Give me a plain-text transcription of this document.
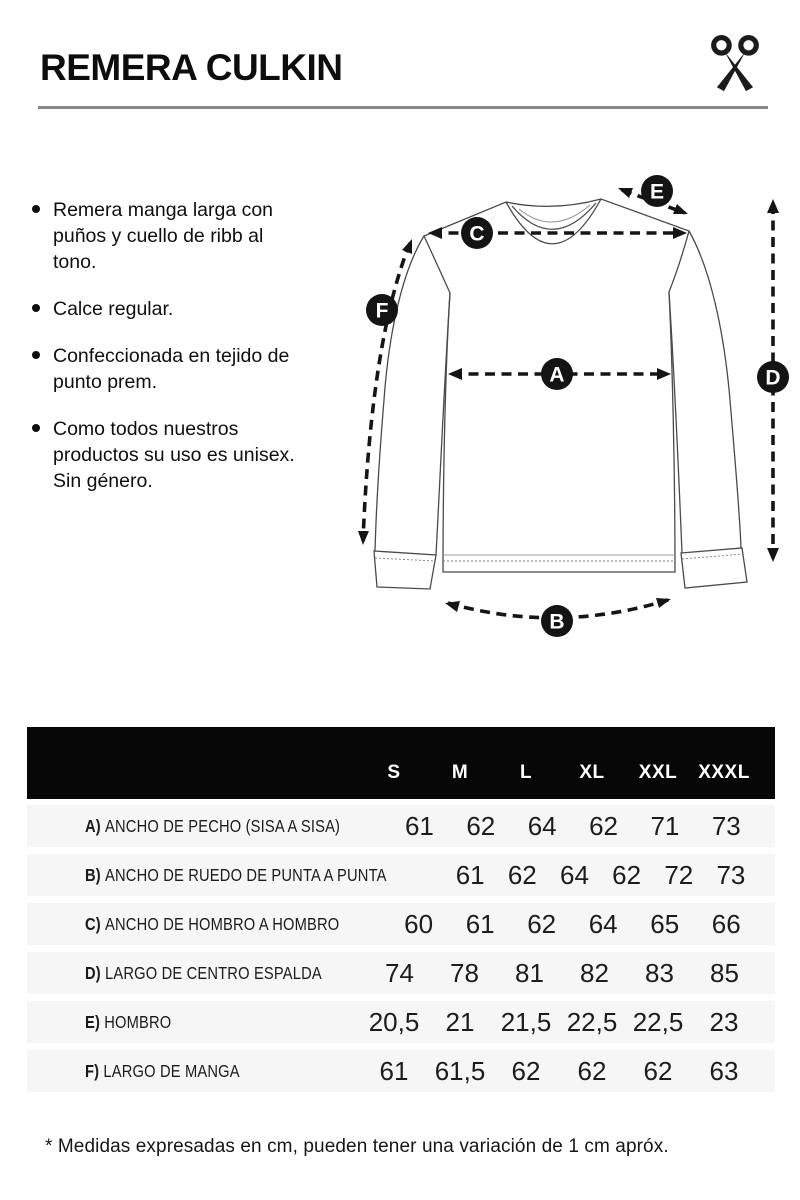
REMERA CULKIN
Remera manga larga con puños y cuello de ribb al tono.
Calce regular.
Confeccionada en tejido de punto prem.
Como todos nuestros productos su uso es unisex. Sin género.
A
B
C
D
E
F
S	M	L	XL	XXL	XXXL
A) ANCHO DE PECHO (SISA A SISA)	61	62	64	62	71	73
B) ANCHO DE RUEDO DE PUNTA A PUNTA	61 62 64 62 72 73
C) ANCHO DE HOMBRO A HOMBRO	60	61	62	64	65	66
D) LARGO DE CENTRO ESPALDA	74	78	81	82	83	85
E) HOMBRO	20,5	21	21,5 22,5 22,5	23
F) LARGO DE MANGA	61	61,5	62	62	62	63
* Medidas expresadas en cm, pueden tener una variación de 1 cm apróx.
